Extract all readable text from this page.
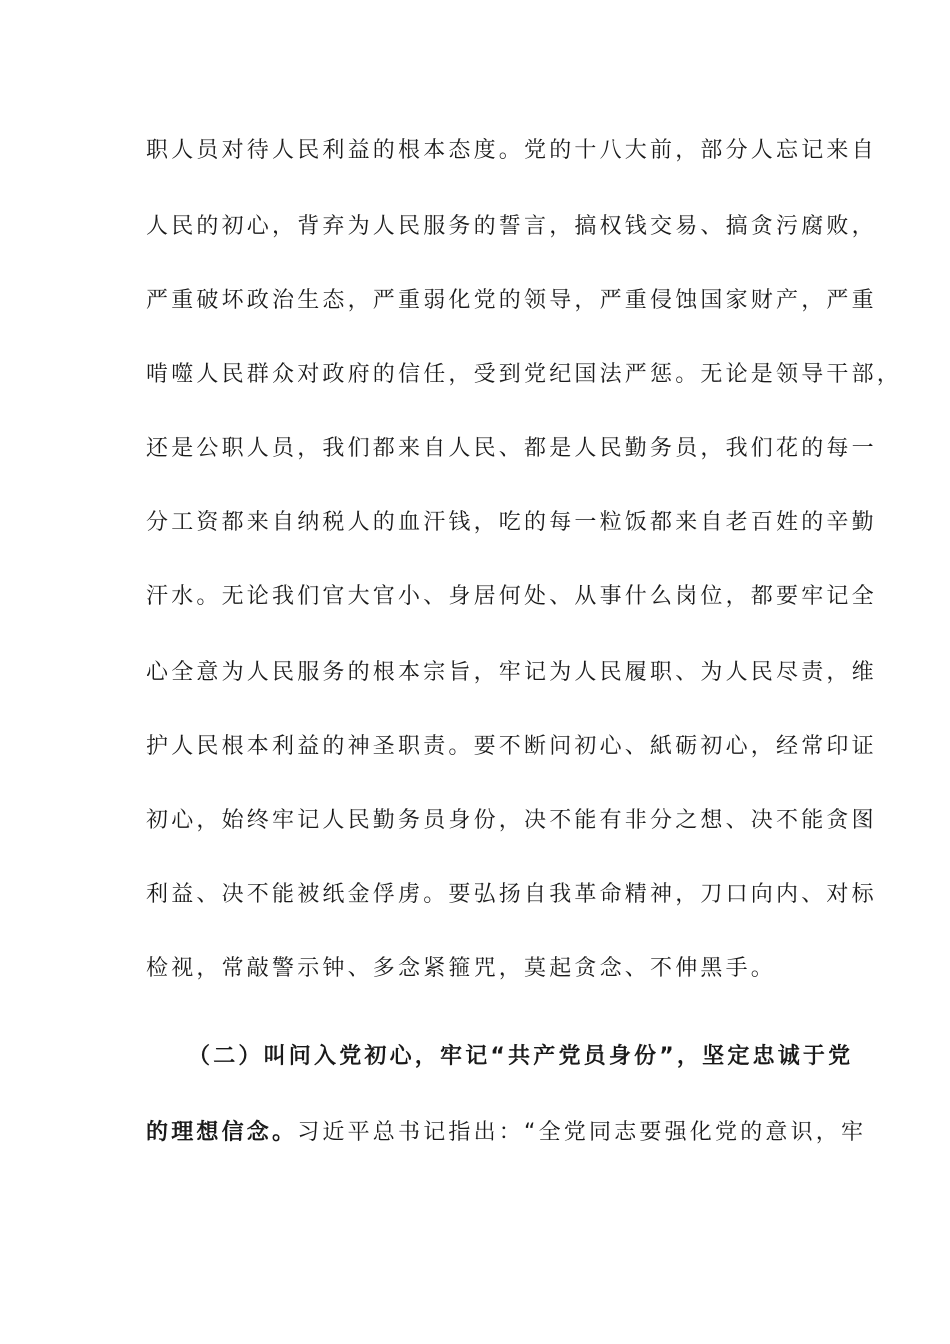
职人员对待人民利益的根本态度。党的十八大前，部分人忘记来自
人民的初心，背弃为人民服务的誓言，搞权钱交易、搞贪污腐败，
严重破坏政治生态，严重弱化党的领导，严重侵蚀国家财产，严重
啃噬人民群众对政府的信任，受到党纪国法严惩。无论是领导干部，
还是公职人员，我们都来自人民、都是人民勤务员，我们花的每一
分工资都来自纳税人的血汗钱，吃的每一粒饭都来自老百姓的辛勤
汗水。无论我们官大官小、身居何处、从事什么岗位，都要牢记全
心全意为人民服务的根本宗旨，牢记为人民履职、为人民尽责，维
护人民根本利益的神圣职责。要不断问初心、紙砺初心，经常印证
初心，始终牢记人民勤务员身份，决不能有非分之想、决不能贪图
利益、决不能被纸金俘虏。要弘扬自我革命精神，刀口向内、对标
检视，常敲警示钟、多念紧箍咒，莫起贪念、不伸黑手。
（二）叫问入党初心，牢记“共产党员身份”，坚定忠诚于党
的理想信念。习近平总书记指出：“全党同志要强化党的意识，牢
